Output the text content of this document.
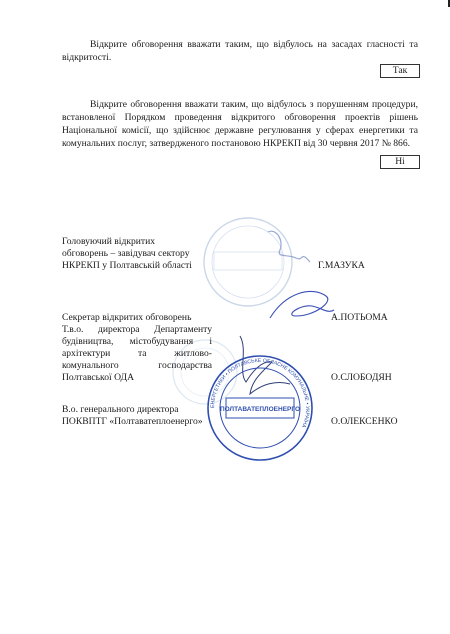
ПОЛТАВАТЕПЛОЕНЕРГО
ЕНЕРГЕТИКИ • ПОЛТАВСЬКЕ ОБЛАСНЕ КОМУНАЛЬНЕ • УКРАЇНА
Відкрите обговорення вважати таким, що відбулось на засадах гласності та відкритості.
Так
Відкрите обговорення вважати таким, що відбулось з порушенням процедури, встановленої Порядком проведення відкритого обговорення проектів рішень Національної комісії, що здійснює державне регулювання у сферах енергетики та комунальних послуг, затвердженого постановою НКРЕКП від 30 червня 2017 № 866.
Ні
Головуючий відкритих
обговорень – завідувач сектору
НКРЕКП у Полтавській області	Г.МАЗУКА
Секретар відкритих обговорень	А.ПОТЬОМА
Т.в.о. директора Департаменту
будівництва, містобудування і
архітектури та житлово-
комунального господарства
Полтавської ОДА	О.СЛОБОДЯН
В.о. генерального директора
ПОКВПТГ «Полтаватеплоенерго»	О.ОЛЕКСЕНКО
